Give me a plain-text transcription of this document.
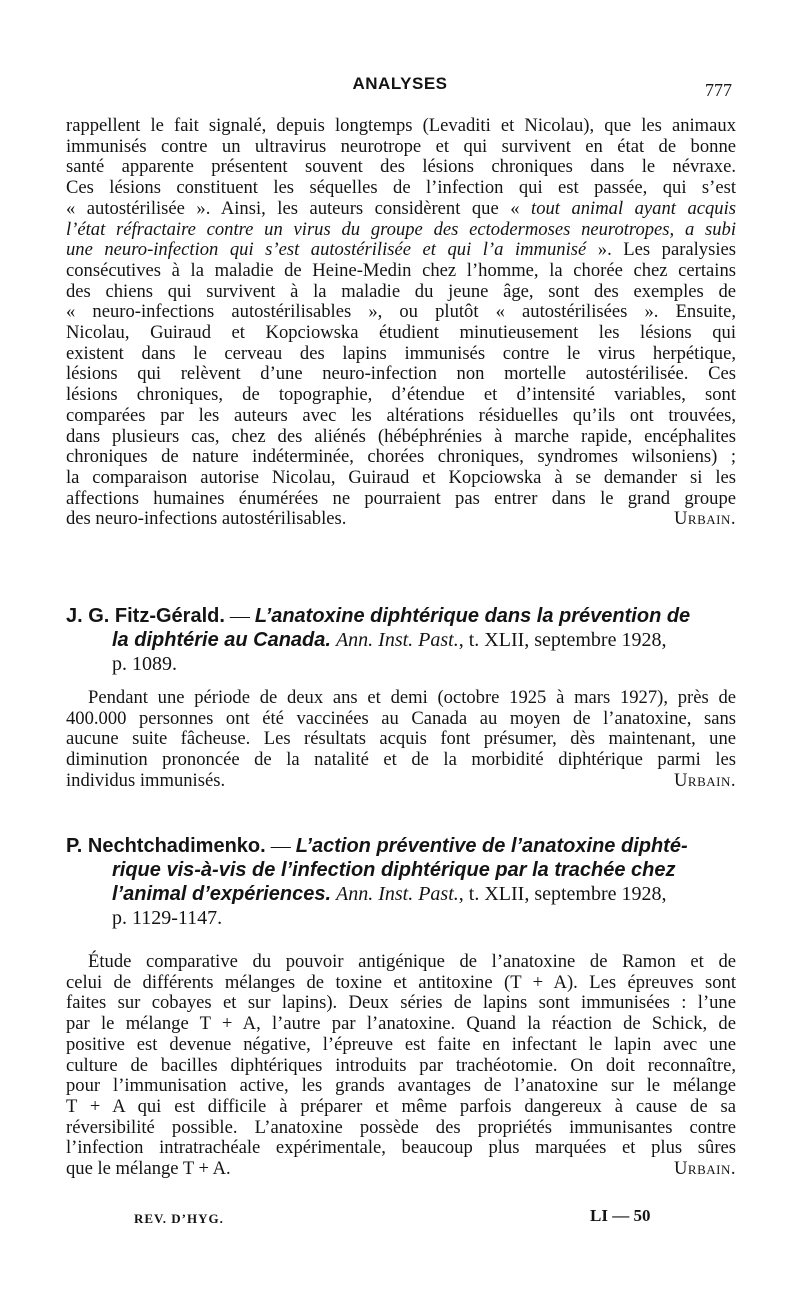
ANALYSES	777
rappellent le fait signalé, depuis longtemps (Levaditi et Nicolau), que les animaux
immunisés contre un ultravirus neurotrope et qui survivent en état de bonne
santé apparente présentent souvent des lésions chroniques dans le névraxe.
Ces lésions constituent les séquelles de l’infection qui est passée, qui s’est
« autostérilisée ». Ainsi, les auteurs considèrent que « tout animal ayant acquis
l’état réfractaire contre un virus du groupe des ectodermoses neurotropes, a subi
une neuro-infection qui s’est autostérilisée et qui l’a immunisé ». Les paralysies
consécutives à la maladie de Heine-Medin chez l’homme, la chorée chez certains
des chiens qui survivent à la maladie du jeune âge, sont des exemples de
« neuro-infections autostérilisables », ou plutôt « autostérilisées ». Ensuite,
Nicolau, Guiraud et Kopciowska étudient minutieusement les lésions qui
existent dans le cerveau des lapins immunisés contre le virus herpétique,
lésions qui relèvent d’une neuro-infection non mortelle autostérilisée. Ces
lésions chroniques, de topographie, d’étendue et d’intensité variables, sont
comparées par les auteurs avec les altérations résiduelles qu’ils ont trouvées,
dans plusieurs cas, chez des aliénés (hébéphrénies à marche rapide, encéphalites
chroniques de nature indéterminée, chorées chroniques, syndromes wilsoniens) ;
la comparaison autorise Nicolau, Guiraud et Kopciowska à se demander si les
affections humaines énumérées ne pourraient pas entrer dans le grand groupe
des neuro-infections autostérilisables.	Urbain.
J. G. Fitz-Gérald. — L’anatoxine diphtérique dans la prévention de
la diphtérie au Canada. Ann. Inst. Past., t. XLII, septembre 1928,
p. 1089.
Pendant une période de deux ans et demi (octobre 1925 à mars 1927), près de
400.000 personnes ont été vaccinées au Canada au moyen de l’anatoxine, sans
aucune suite fâcheuse. Les résultats acquis font présumer, dès maintenant, une
diminution prononcée de la natalité et de la morbidité diphtérique parmi les
individus immunisés.	Urbain.
P. Nechtchadimenko. — L’action préventive de l’anatoxine diphté-
rique vis-à-vis de l’infection diphtérique par la trachée chez
l’animal d’expériences. Ann. Inst. Past., t. XLII, septembre 1928,
p. 1129-1147.
Étude comparative du pouvoir antigénique de l’anatoxine de Ramon et de
celui de différents mélanges de toxine et antitoxine (T + A). Les épreuves sont
faites sur cobayes et sur lapins). Deux séries de lapins sont immunisées : l’une
par le mélange T + A, l’autre par l’anatoxine. Quand la réaction de Schick, de
positive est devenue négative, l’épreuve est faite en infectant le lapin avec une
culture de bacilles diphtériques introduits par trachéotomie. On doit reconnaître,
pour l’immunisation active, les grands avantages de l’anatoxine sur le mélange
T + A qui est difficile à préparer et même parfois dangereux à cause de sa
réversibilité possible. L’anatoxine possède des propriétés immunisantes contre
l’infection intratrachéale expérimentale, beaucoup plus marquées et plus sûres
que le mélange T + A.	Urbain.
REV. D’HYG.	LI — 50
